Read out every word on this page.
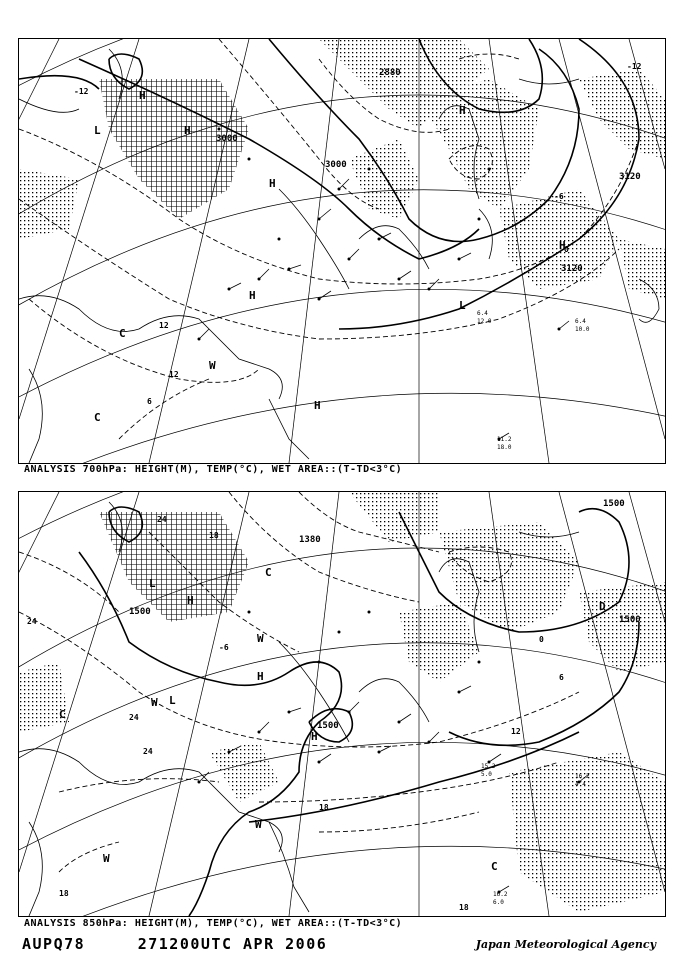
3000
3000
3120
2880
3120
-12
-12
-6
0
12
12
6
L	H
H
H
L
H
H
C
C
H
H
W
11.2
18.0
6.4
10.0
6.4
12.0
ANALYSIS 700hPa: HEIGHT(M), TEMP(°C), WET AREA::(T-TD<3°C)
1500
1500
1500
1380
1500
24
24
24
24
18
18
18
12
6
0
-6
18
L
H
C
H
W
L
H
C
W
W
D
C
W
16.2
4.4
15.2
5.0
16.2
6.0
ANALYSIS 850hPa: HEIGHT(M), TEMP(°C), WET AREA::(T-TD<3°C)
AUPQ78	271200UTC APR 2006	Japan Meteorological Agency
